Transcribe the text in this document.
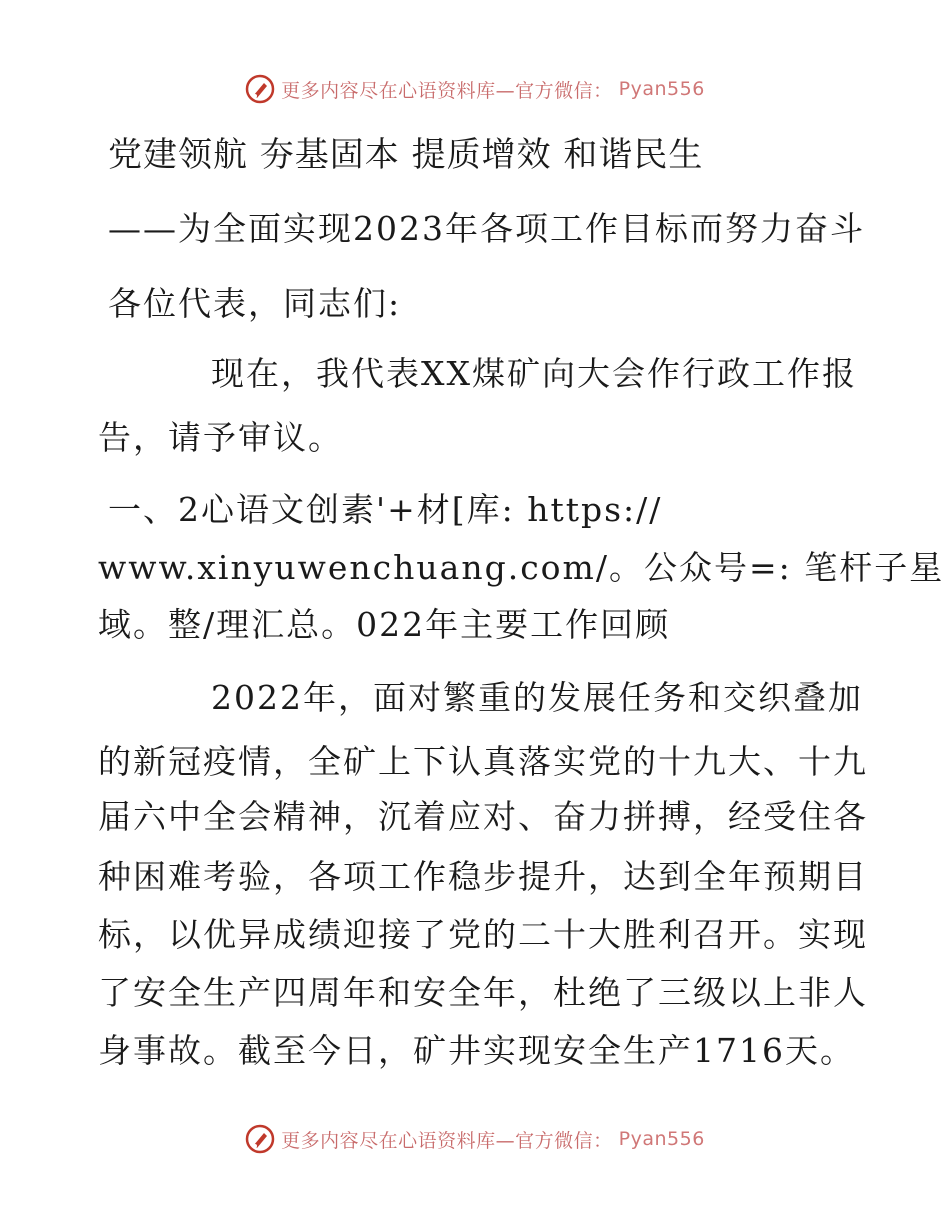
更多内容尽在心语资料库—官方微信： Pyan556
党建领航 夯基固本 提质增效 和谐民生
——为全面实现2023年各项工作目标而努力奋斗
各位代表，同志们:
现在，我代表XX煤矿向大会作行政工作报
告，请予审议。
一、2心语文创素'+材[库: https://
www.xinyuwenchuang.com/。公众号=: 笔杆子星
域。整/理汇总。022年主要工作回顾
2022年，面对繁重的发展任务和交织叠加
的新冠疫情，全矿上下认真落实党的十九大、十九
届六中全会精神，沉着应对、奋力拼搏，经受住各
种困难考验，各项工作稳步提升，达到全年预期目
标，以优异成绩迎接了党的二十大胜利召开。实现
了安全生产四周年和安全年，杜绝了三级以上非人
身事故。截至今日，矿井实现安全生产1716天。
更多内容尽在心语资料库—官方微信： Pyan556
